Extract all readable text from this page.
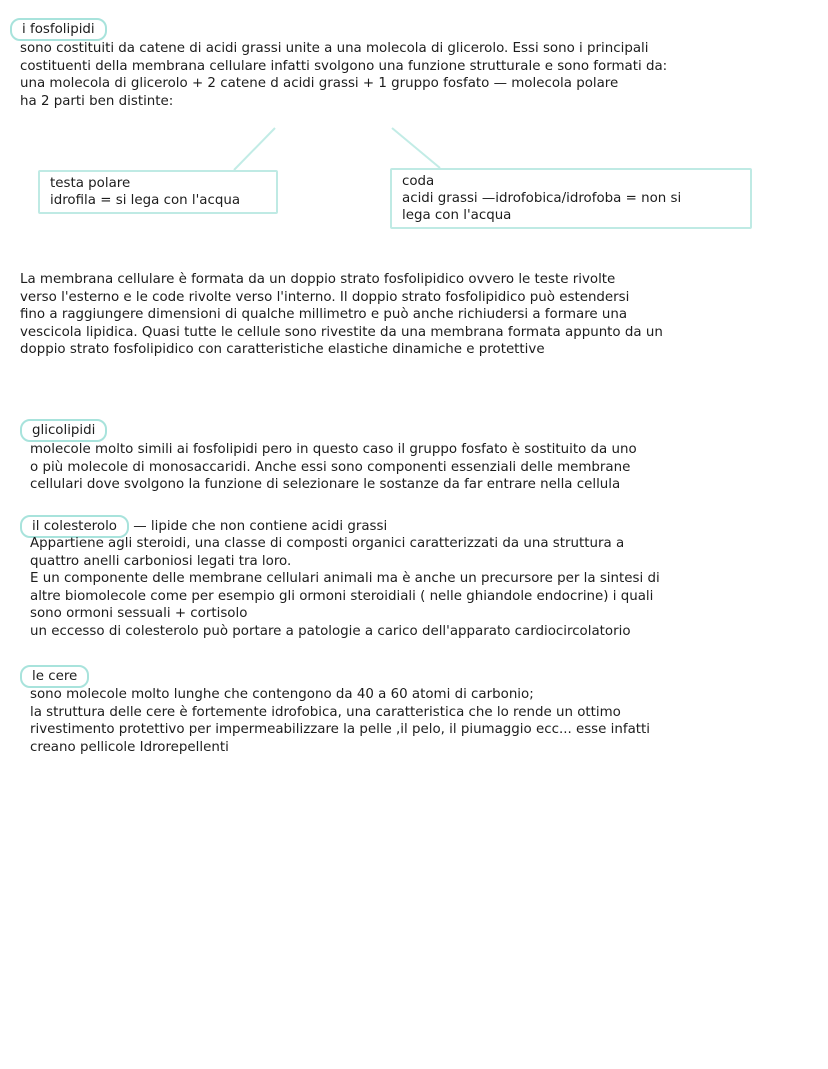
i fosfolipidi

sono costituiti da catene di acidi grassi unite a una molecola di glicerolo. Essi sono i principali

costituenti della membrana cellulare infatti svolgono una funzione strutturale e sono formati da:

una molecola di glicerolo + 2 catene d acidi grassi + 1 gruppo fosfato — molecola polare

ha 2 parti ben distinte:

testa polare

idrofila = si lega con l'acqua

coda

acidi grassi —idrofobica/idrofoba = non si

lega con l'acqua

La membrana cellulare è formata da un doppio strato fosfolipidico ovvero le teste rivolte

verso l'esterno e le code rivolte verso l'interno. Il doppio strato fosfolipidico può estendersi

fino a raggiungere dimensioni di qualche millimetro e può anche richiudersi a formare una

vescicola lipidica. Quasi tutte le cellule sono rivestite da una membrana formata appunto da un

doppio strato fosfolipidico con caratteristiche elastiche dinamiche e protettive

glicolipidi

molecole molto simili ai fosfolipidi pero in questo caso il gruppo fosfato è sostituito da uno

o più molecole di monosaccaridi. Anche essi sono componenti essenziali delle membrane

cellulari dove svolgono la funzione di selezionare le sostanze da far entrare nella cellula

il colesterolo — lipide che non contiene acidi grassi

Appartiene agli steroidi, una classe di composti organici caratterizzati da una struttura a

quattro anelli carboniosi legati tra loro.

E un componente delle membrane cellulari animali ma è anche un precursore per la sintesi di

altre biomolecole come per esempio gli ormoni steroidiali ( nelle ghiandole endocrine) i quali

sono ormoni sessuali + cortisolo

un eccesso di colesterolo può portare a patologie a carico dell'apparato cardiocircolatorio

le cere

sono molecole molto lunghe che contengono da 40 a 60 atomi di carbonio;

la struttura delle cere è fortemente idrofobica, una caratteristica che lo rende un ottimo

rivestimento protettivo per impermeabilizzare la pelle ,il pelo, il piumaggio ecc... esse infatti

creano pellicole Idrorepellenti
